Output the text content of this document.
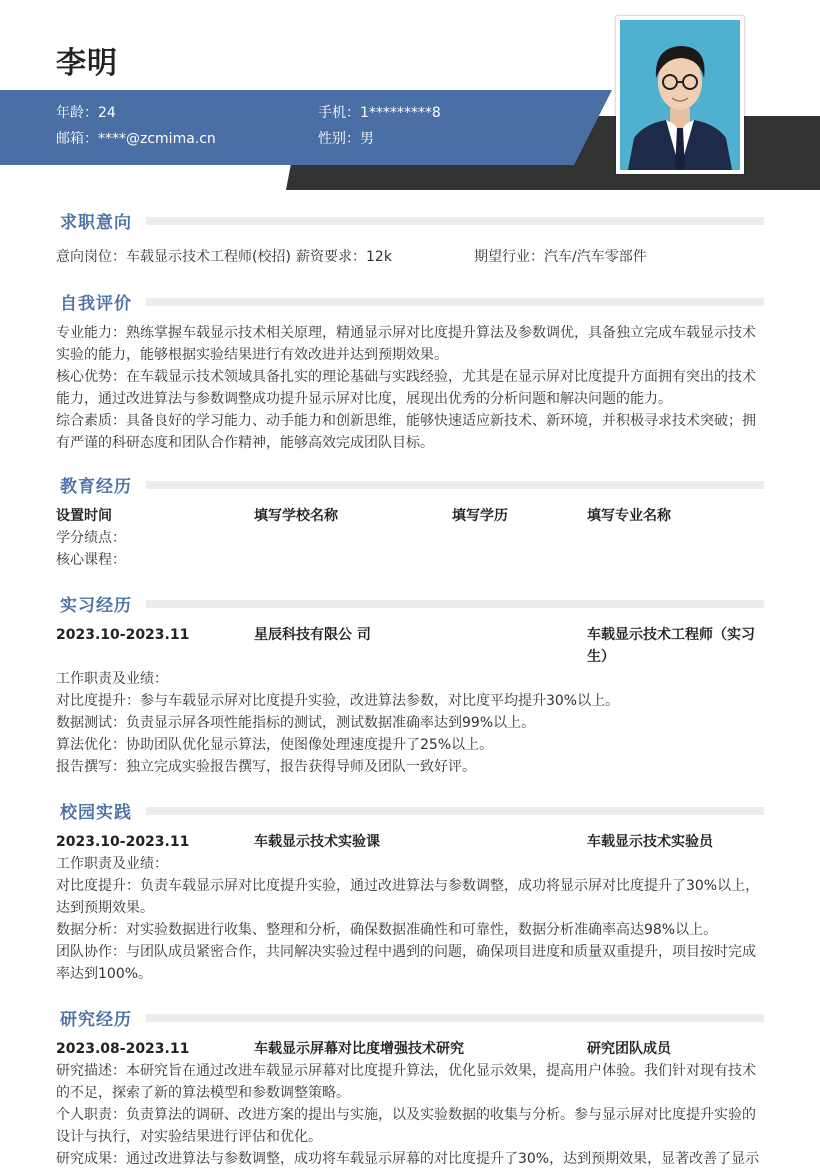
李明
年龄：24	手机：1*********8
邮箱：****@zcmima.cn	性别：男
求职意向
意向岗位：车载显示技术工程师(校招) 薪资要求：12k	期望行业：汽车/汽车零部件
自我评价
专业能力：熟练掌握车载显示技术相关原理，精通显示屏对比度提升算法及参数调优，具备独立完成车载显示技术
实验的能力，能够根据实验结果进行有效改进并达到预期效果。
核心优势：在车载显示技术领域具备扎实的理论基础与实践经验，尤其是在显示屏对比度提升方面拥有突出的技术
能力，通过改进算法与参数调整成功提升显示屏对比度，展现出优秀的分析问题和解决问题的能力。
综合素质：具备良好的学习能力、动手能力和创新思维，能够快速适应新技术、新环境，并积极寻求技术突破；拥
有严谨的科研态度和团队合作精神，能够高效完成团队目标。
教育经历
设置时间	填写学校名称	填写学历	填写专业名称
学分绩点：
核心课程：
实习经历
2023.10-2023.11	星辰科技有限公 司	车载显示技术工程师（实习
生）
工作职责及业绩：
对比度提升：参与车载显示屏对比度提升实验，改进算法参数，对比度平均提升30%以上。
数据测试：负责显示屏各项性能指标的测试，测试数据准确率达到99%以上。
算法优化：协助团队优化显示算法，使图像处理速度提升了25%以上。
报告撰写：独立完成实验报告撰写，报告获得导师及团队一致好评。
校园实践
2023.10-2023.11	车载显示技术实验课	车载显示技术实验员
工作职责及业绩：
对比度提升：负责车载显示屏对比度提升实验，通过改进算法与参数调整，成功将显示屏对比度提升了30%以上，
达到预期效果。
数据分析：对实验数据进行收集、整理和分析，确保数据准确性和可靠性，数据分析准确率高达98%以上。
团队协作：与团队成员紧密合作，共同解决实验过程中遇到的问题，确保项目进度和质量双重提升，项目按时完成
率达到100%。
研究经历
2023.08-2023.11	车载显示屏幕对比度增强技术研究	研究团队成员
研究描述：本研究旨在通过改进车载显示屏幕对比度提升算法，优化显示效果，提高用户体验。我们针对现有技术
的不足，探索了新的算法模型和参数调整策略。
个人职责：负责算法的调研、改进方案的提出与实施，以及实验数据的收集与分析。参与显示屏对比度提升实验的
设计与执行，对实验结果进行评估和优化。
研究成果：通过改进算法与参数调整，成功将车载显示屏幕的对比度提升了30%，达到预期效果，显著改善了显示
